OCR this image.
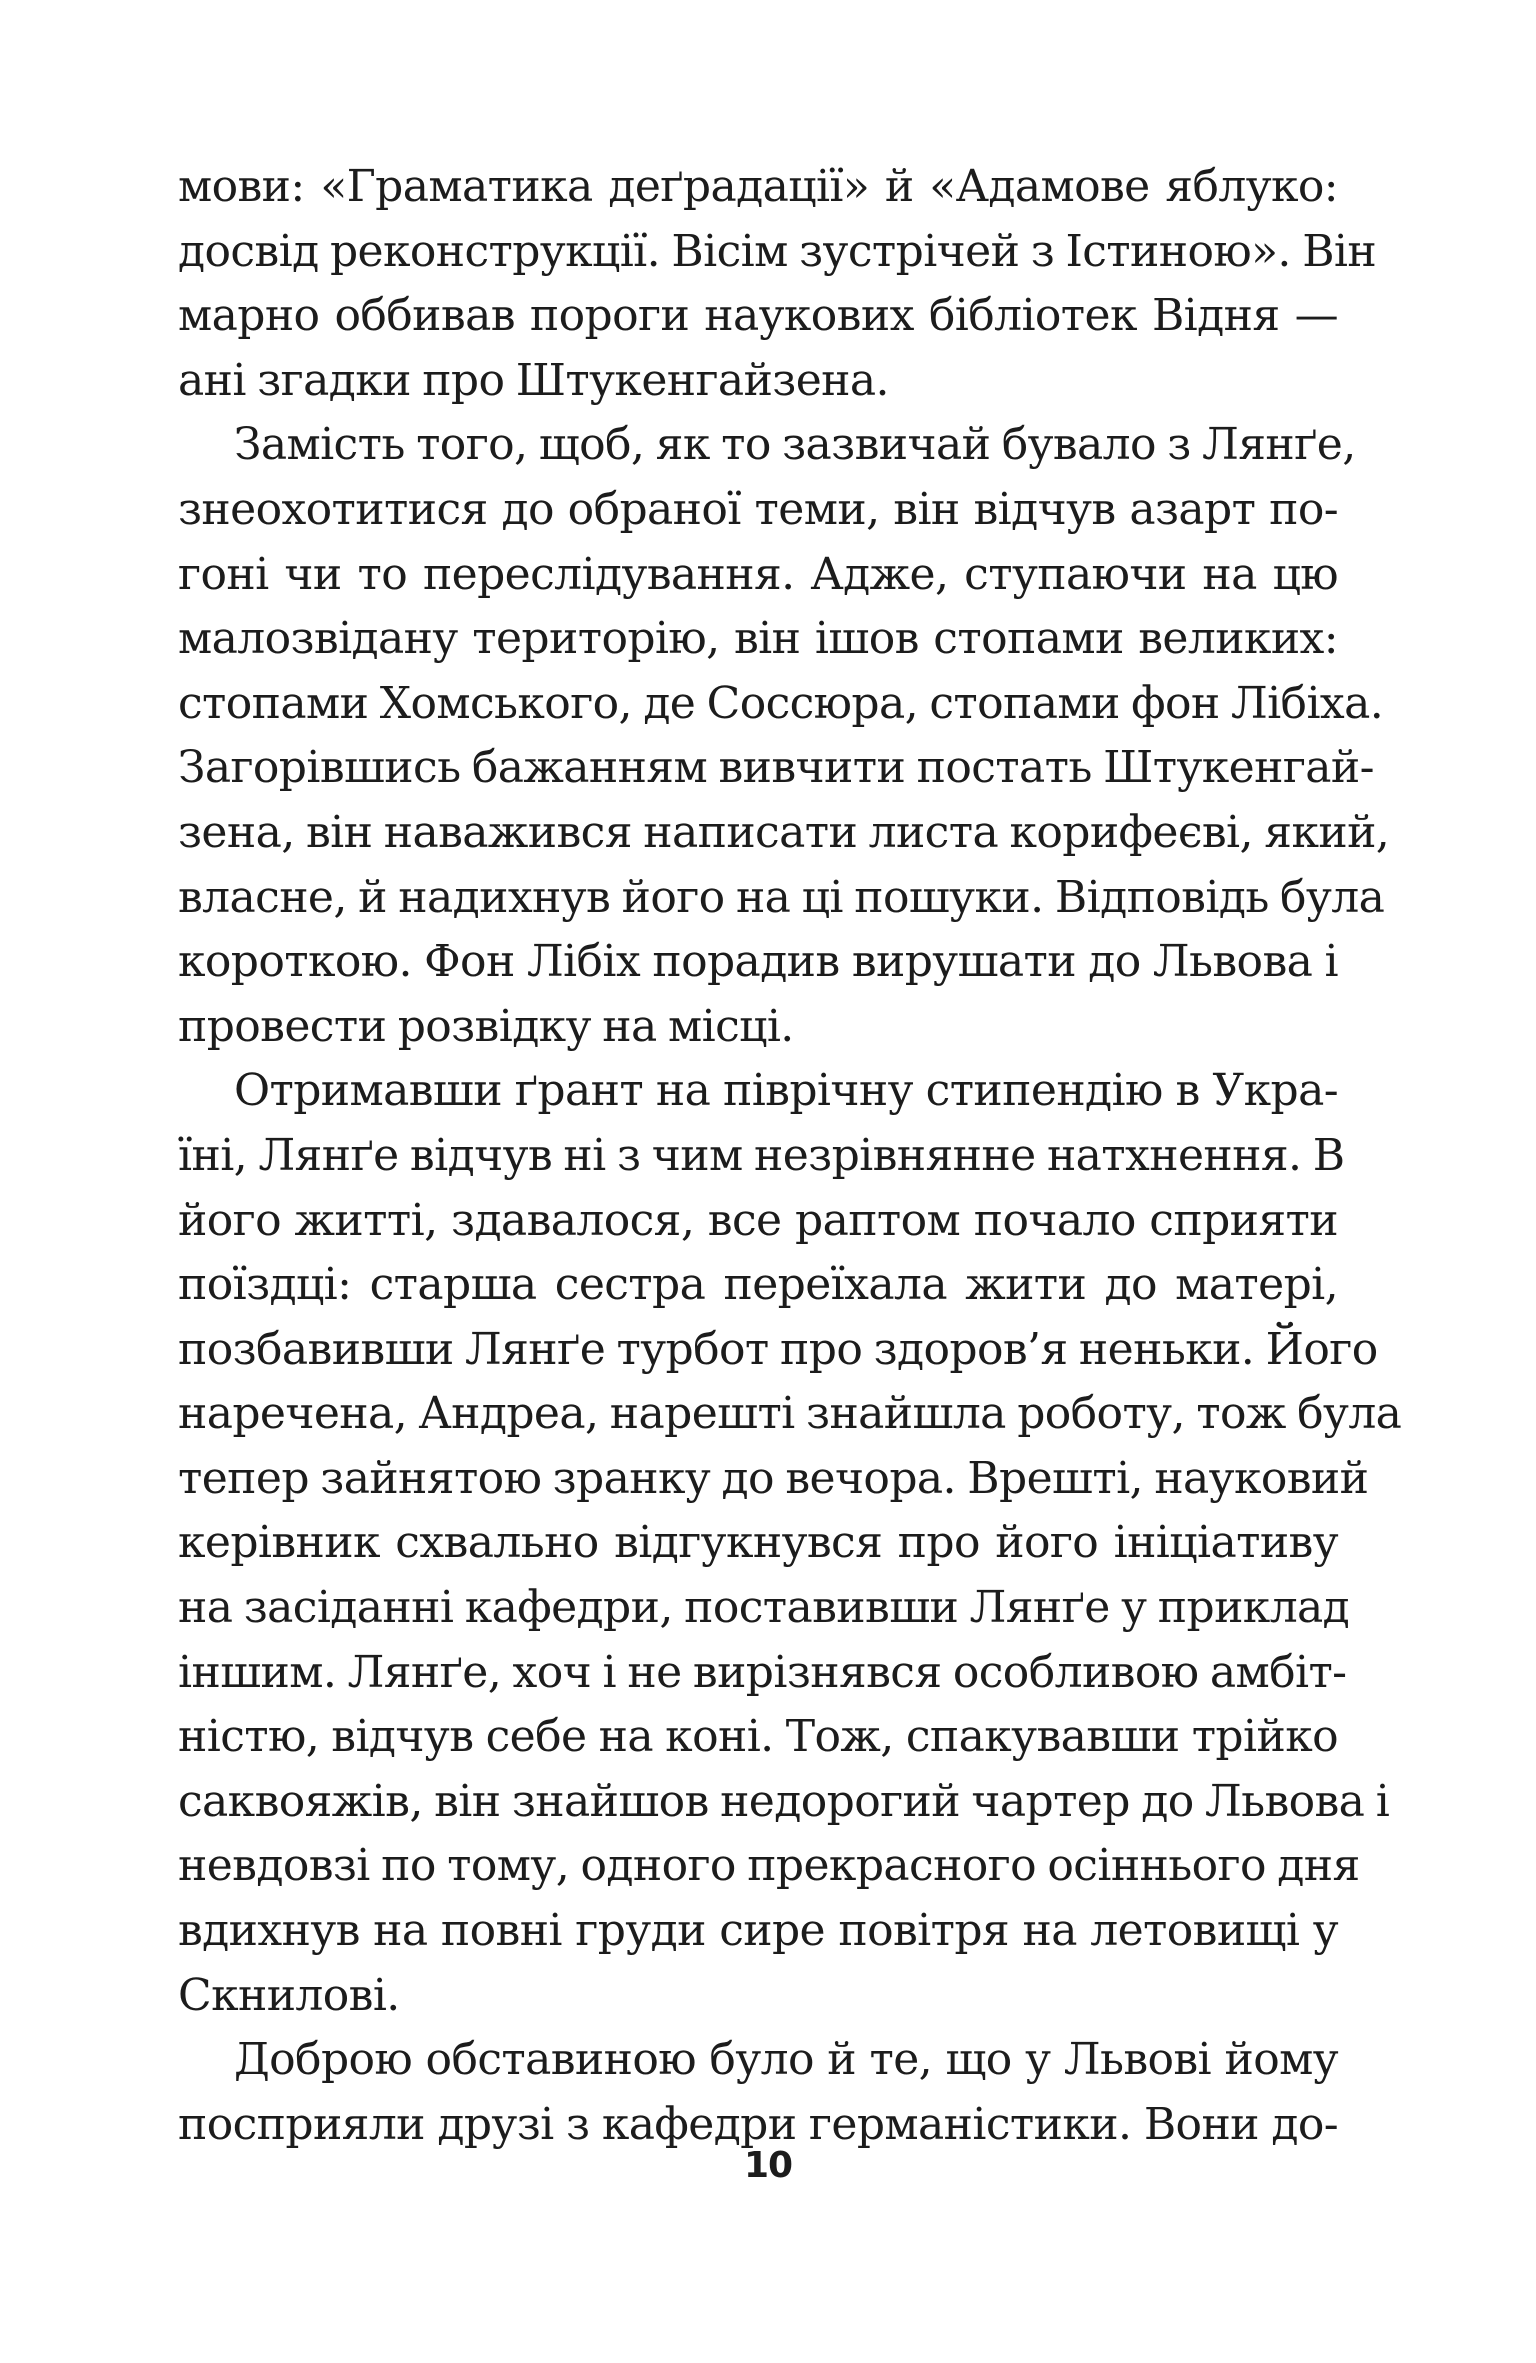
мови: «Граматика деґрадації» й «Адамове яблуко:
досвід реконструкції. Вісім зустрічей з Істиною». Він
марно оббивав пороги наукових бібліотек Відня —
ані згадки про Штукенгайзена.
Замість того, щоб, як то зазвичай бувало з Лянґе,
знеохотитися до обраної теми, він відчув азарт по-
гоні чи то переслідування. Адже, ступаючи на цю
малозвідану територію, він ішов стопами великих:
стопами Хомського, де Соссюра, стопами фон Лібіха.
Загорівшись бажанням вивчити постать Штукенгай-
зена, він наважився написати листа корифеєві, який,
власне, й надихнув його на ці пошуки. Відповідь була
короткою. Фон Лібіх порадив вирушати до Львова і
провести розвідку на місці.
Отримавши ґрант на піврічну стипендію в Укра-
їні, Лянґе відчув ні з чим незрівнянне натхнення. В
його житті, здавалося, все раптом почало сприяти
поїздці: старша сестра переїхала жити до матері,
позбавивши Лянґе турбот про здоров’я неньки. Його
наречена, Андреа, нарешті знайшла роботу, тож була
тепер зайнятою зранку до вечора. Врешті, науковий
керівник схвально відгукнувся про його ініціативу
на засіданні кафедри, поставивши Лянґе у приклад
іншим. Лянґе, хоч і не вирізнявся особливою амбіт-
ністю, відчув себе на коні. Тож, спакувавши трійко
саквояжів, він знайшов недорогий чартер до Львова і
невдовзі по тому, одного прекрасного осіннього дня
вдихнув на повні груди сире повітря на летовищі у
Скнилові.
Доброю обставиною було й те, що у Львові йому
посприяли друзі з кафедри германістики. Вони до-
10
